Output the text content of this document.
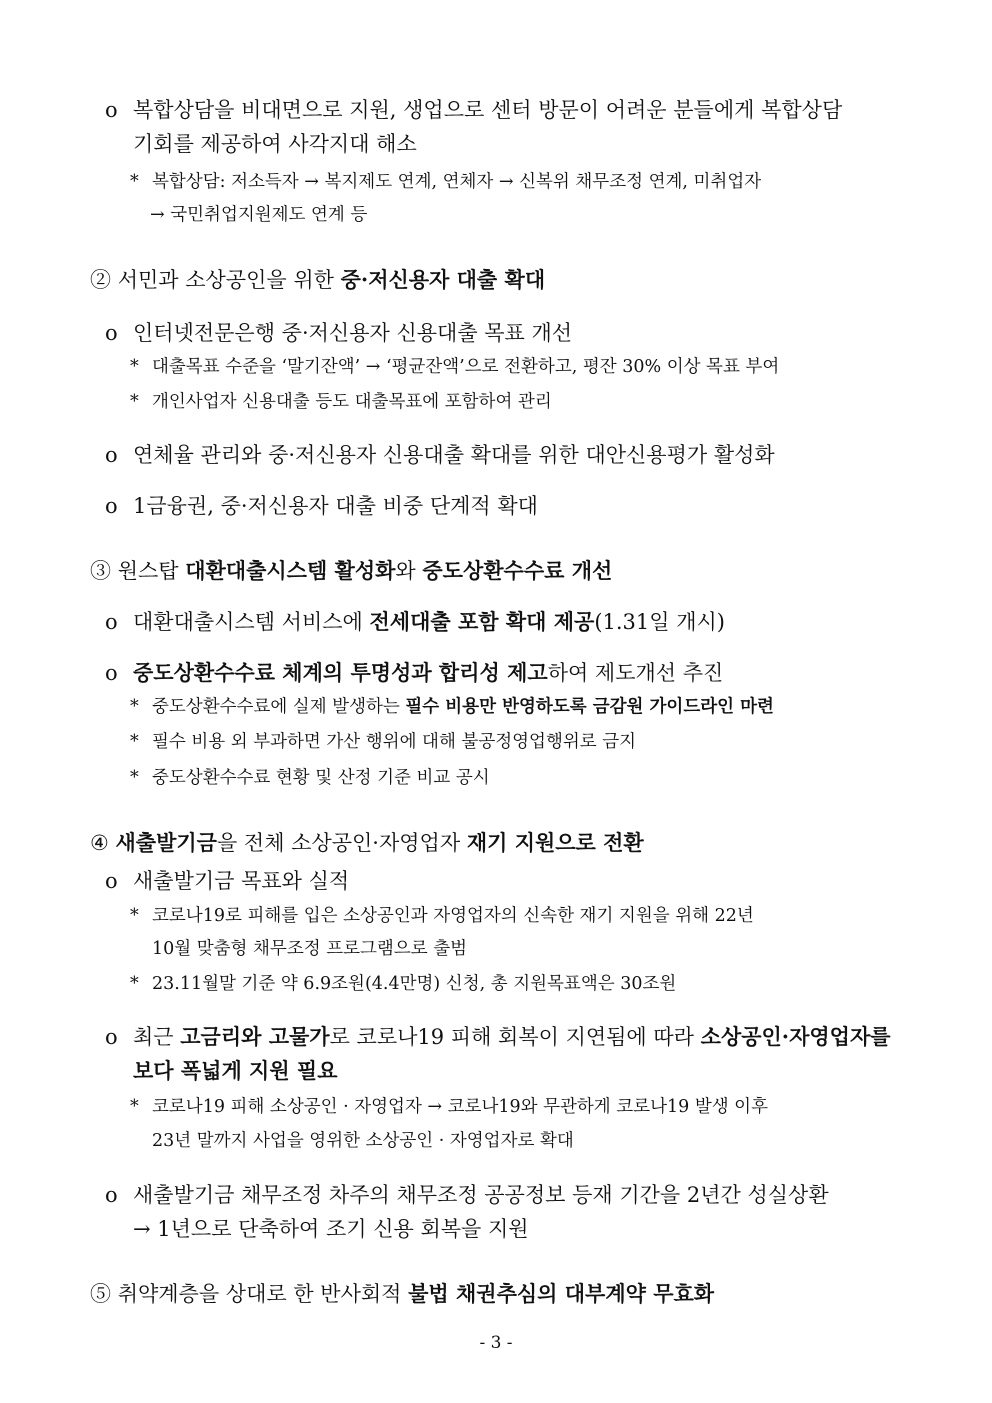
o 복합상담을 비대면으로 지원, 생업으로 센터 방문이 어려운 분들에게 복합상담
기회를 제공하여 사각지대 해소
* 복합상담: 저소득자 → 복지제도 연계, 연체자 → 신복위 채무조정 연계, 미취업자
→ 국민취업지원제도 연계 등
② 서민과 소상공인을 위한 중·저신용자 대출 확대
o 인터넷전문은행 중·저신용자 신용대출 목표 개선
* 대출목표 수준을 ‘말기잔액’ → ‘평균잔액’으로 전환하고, 평잔 30% 이상 목표 부여
* 개인사업자 신용대출 등도 대출목표에 포함하여 관리
o 연체율 관리와 중·저신용자 신용대출 확대를 위한 대안신용평가 활성화
o 1금융권, 중·저신용자 대출 비중 단계적 확대
③ 원스탑 대환대출시스템 활성화와 중도상환수수료 개선
o 대환대출시스템 서비스에 전세대출 포함 확대 제공(1.31일 개시)
o 중도상환수수료 체계의 투명성과 합리성 제고하여 제도개선 추진
* 중도상환수수료에 실제 발생하는 필수 비용만 반영하도록 금감원 가이드라인 마련
* 필수 비용 외 부과하면 가산 행위에 대해 불공정영업행위로 금지
* 중도상환수수료 현황 및 산정 기준 비교 공시
④ 새출발기금을 전체 소상공인·자영업자 재기 지원으로 전환
o 새출발기금 목표와 실적
* 코로나19로 피해를 입은 소상공인과 자영업자의 신속한 재기 지원을 위해 22년
10월 맞춤형 채무조정 프로그램으로 출범
* 23.11월말 기준 약 6.9조원(4.4만명) 신청, 총 지원목표액은 30조원
o 최근 고금리와 고물가로 코로나19 피해 회복이 지연됨에 따라 소상공인·자영업자를
보다 폭넓게 지원 필요
* 코로나19 피해 소상공인 · 자영업자 → 코로나19와 무관하게 코로나19 발생 이후
23년 말까지 사업을 영위한 소상공인 · 자영업자로 확대
o 새출발기금 채무조정 차주의 채무조정 공공정보 등재 기간을 2년간 성실상환
→ 1년으로 단축하여 조기 신용 회복을 지원
⑤ 취약계층을 상대로 한 반사회적 불법 채권추심의 대부계약 무효화
- 3 -
